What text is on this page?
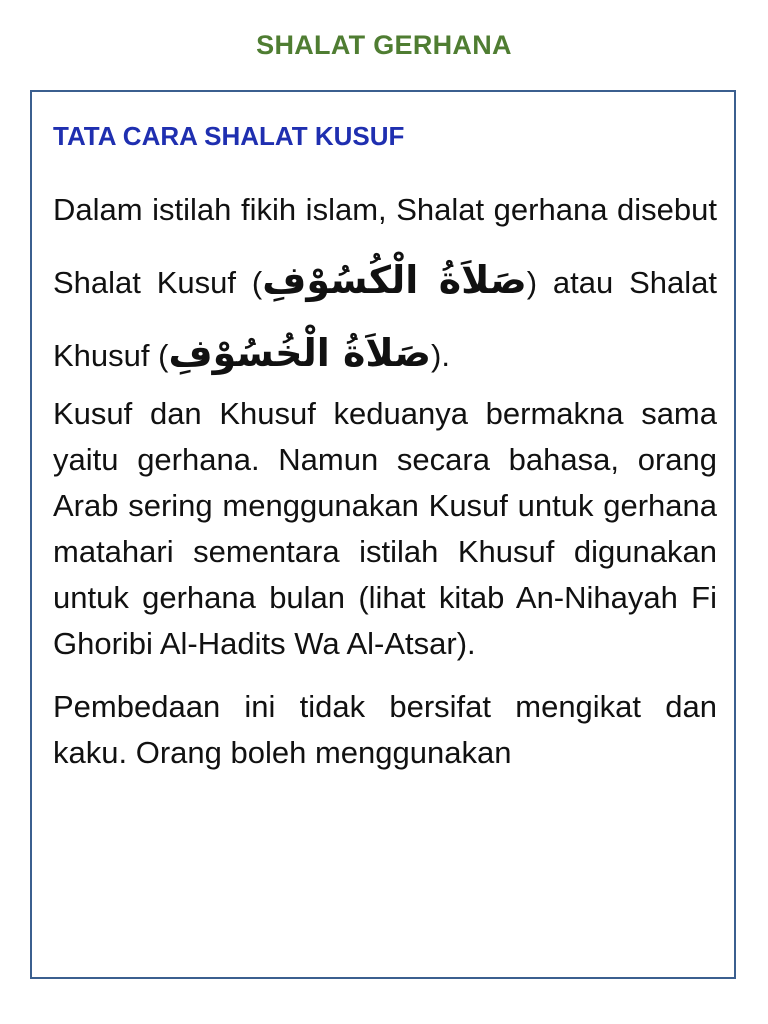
SHALAT GERHANA
TATA CARA SHALAT KUSUF

Dalam istilah fikih islam, Shalat gerhana disebut Shalat Kusuf (صَلاَةُ الْكُسُوْفِ) atau Shalat Khusuf (صَلاَةُ الْخُسُوْفِ).

Kusuf dan Khusuf keduanya bermakna sama yaitu gerhana. Namun secara bahasa, orang Arab sering menggunakan Kusuf untuk gerhana matahari sementara istilah Khusuf digunakan untuk gerhana bulan (lihat kitab An-Nihayah Fi Ghoribi Al-Hadits Wa Al-Atsar).

Pembedaan ini tidak bersifat mengikat dan kaku. Orang boleh menggunakan
